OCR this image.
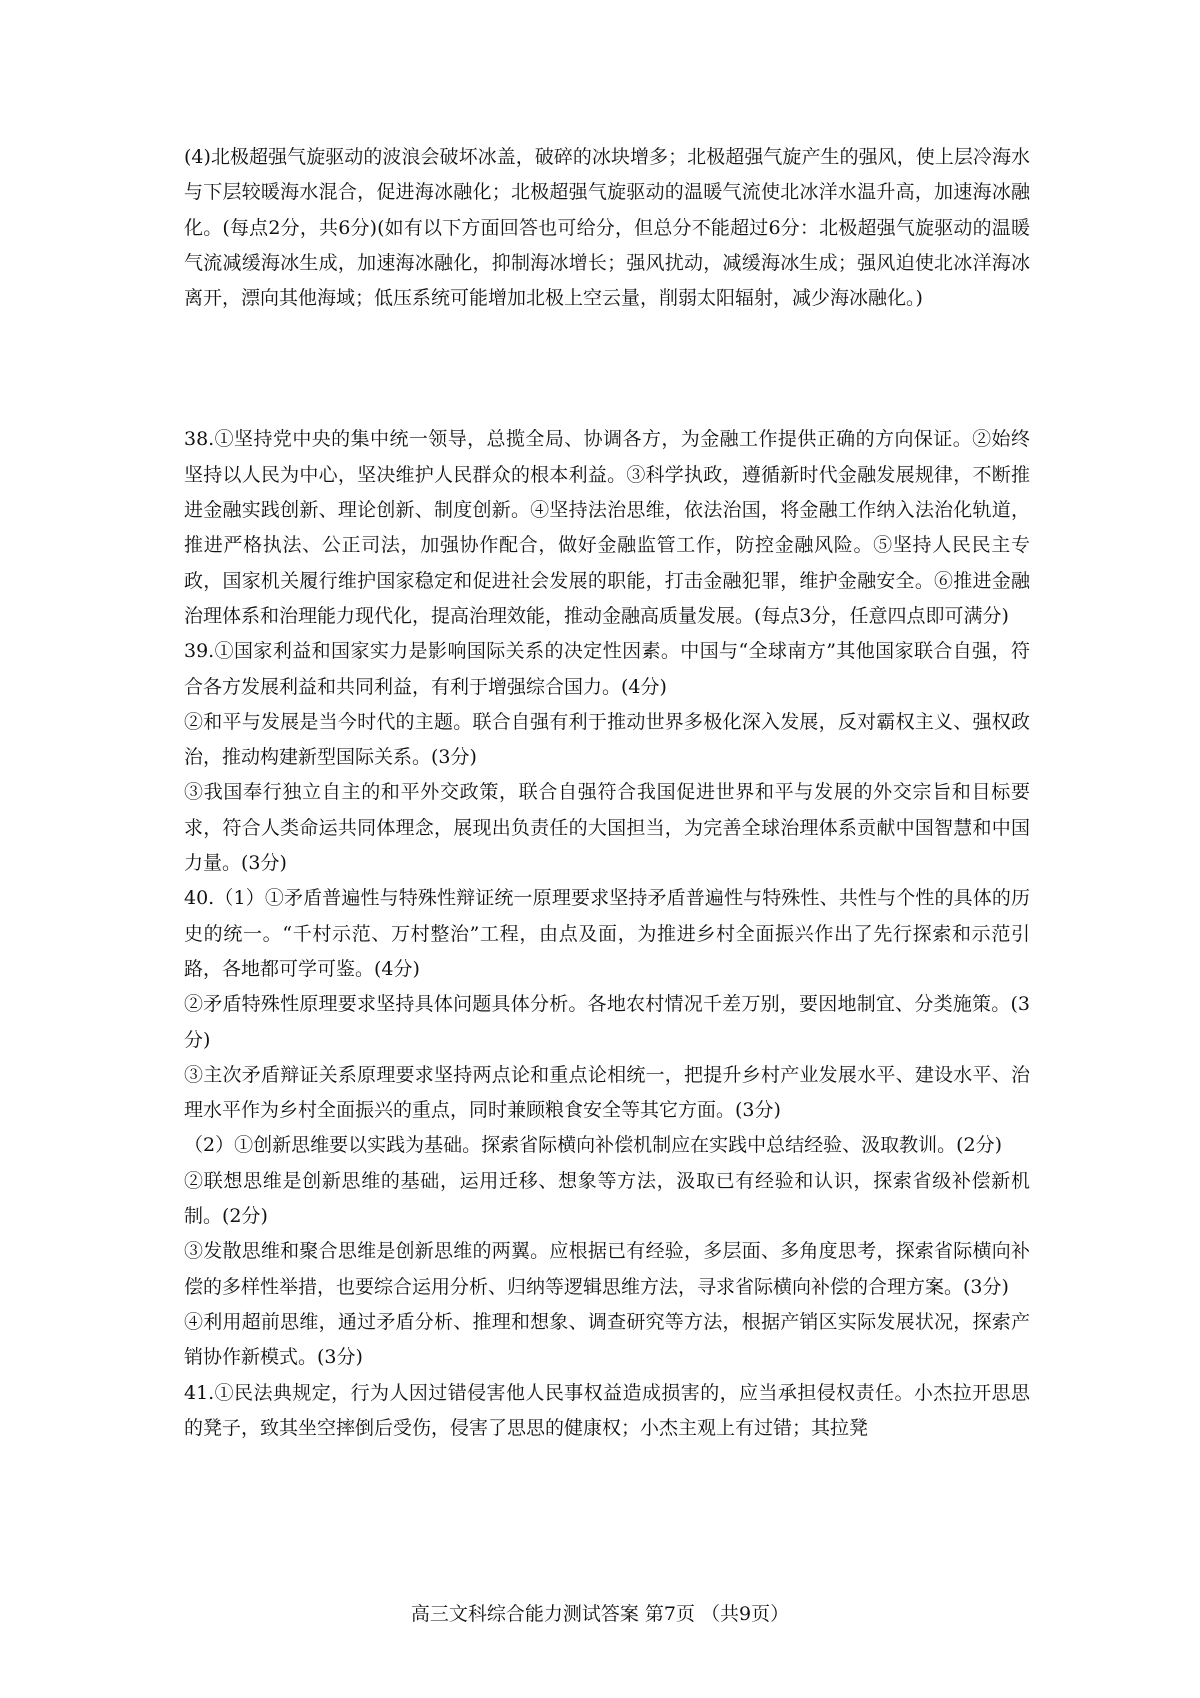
(4)北极超强气旋驱动的波浪会破坏冰盖，破碎的冰块增多；北极超强气旋产生的强风，使上层冷海水与下层较暖海水混合，促进海冰融化；北极超强气旋驱动的温暖气流使北冰洋水温升高，加速海冰融化。(每点2分，共6分)(如有以下方面回答也可给分，但总分不能超过6分：北极超强气旋驱动的温暖气流减缓海冰生成，加速海冰融化，抑制海冰增长；强风扰动，减缓海冰生成；强风迫使北冰洋海冰离开，漂向其他海域；低压系统可能增加北极上空云量，削弱太阳辐射，减少海冰融化。)

38.①坚持党中央的集中统一领导，总揽全局、协调各方，为金融工作提供正确的方向保证。②始终坚持以人民为中心，坚决维护人民群众的根本利益。③科学执政，遵循新时代金融发展规律，不断推进金融实践创新、理论创新、制度创新。④坚持法治思维，依法治国，将金融工作纳入法治化轨道，推进严格执法、公正司法，加强协作配合，做好金融监管工作，防控金融风险。⑤坚持人民民主专政，国家机关履行维护国家稳定和促进社会发展的职能，打击金融犯罪，维护金融安全。⑥推进金融治理体系和治理能力现代化，提高治理效能，推动金融高质量发展。(每点3分，任意四点即可满分)

39.①国家利益和国家实力是影响国际关系的决定性因素。中国与“全球南方”其他国家联合自强，符合各方发展利益和共同利益，有利于增强综合国力。(4分)

②和平与发展是当今时代的主题。联合自强有利于推动世界多极化深入发展，反对霸权主义、强权政治，推动构建新型国际关系。(3分)

③我国奉行独立自主的和平外交政策，联合自强符合我国促进世界和平与发展的外交宗旨和目标要求，符合人类命运共同体理念，展现出负责任的大国担当，为完善全球治理体系贡献中国智慧和中国力量。(3分)

40.（1）①矛盾普遍性与特殊性辩证统一原理要求坚持矛盾普遍性与特殊性、共性与个性的具体的历史的统一。“千村示范、万村整治”工程，由点及面，为推进乡村全面振兴作出了先行探索和示范引路，各地都可学可鉴。(4分)

②矛盾特殊性原理要求坚持具体问题具体分析。各地农村情况千差万别，要因地制宜、分类施策。(3分)

③主次矛盾辩证关系原理要求坚持两点论和重点论相统一，把提升乡村产业发展水平、建设水平、治理水平作为乡村全面振兴的重点，同时兼顾粮食安全等其它方面。(3分)

（2）①创新思维要以实践为基础。探索省际横向补偿机制应在实践中总结经验、汲取教训。(2分)

②联想思维是创新思维的基础，运用迁移、想象等方法，汲取已有经验和认识，探索省级补偿新机制。(2分)

③发散思维和聚合思维是创新思维的两翼。应根据已有经验，多层面、多角度思考，探索省际横向补偿的多样性举措，也要综合运用分析、归纳等逻辑思维方法，寻求省际横向补偿的合理方案。(3分)

④利用超前思维，通过矛盾分析、推理和想象、调查研究等方法，根据产销区实际发展状况，探索产销协作新模式。(3分)

41.①民法典规定，行为人因过错侵害他人民事权益造成损害的，应当承担侵权责任。小杰拉开思思的凳子，致其坐空摔倒后受伤，侵害了思思的健康权；小杰主观上有过错；其拉凳

高三文科综合能力测试答案 第7页 （共9页）
